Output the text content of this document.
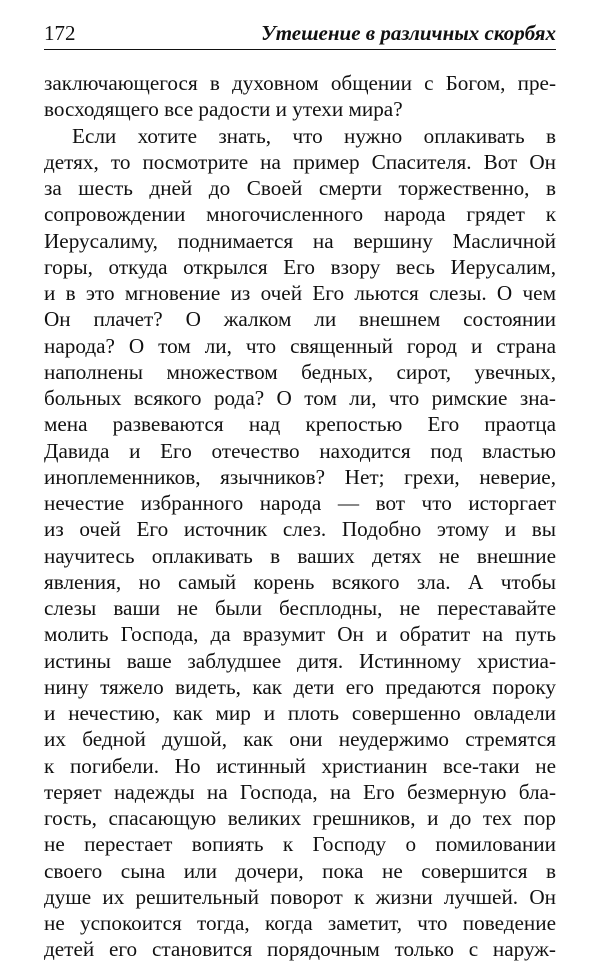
172	Утешение в различных скорбях
заключающегося в духовном общении с Богом, пре-
восходящего все радости и утехи мира?
Если хотите знать, что нужно оплакивать в
детях, то посмотрите на пример Спасителя. Вот Он
за шесть дней до Своей смерти торжественно, в
сопровождении многочисленного народа грядет к
Иерусалиму, поднимается на вершину Масличной
горы, откуда открылся Его взору весь Иерусалим,
и в это мгновение из очей Его льются слезы. О чем
Он плачет? О жалком ли внешнем состоянии
народа? О том ли, что священный город и страна
наполнены множеством бедных, сирот, увечных,
больных всякого рода? О том ли, что римские зна-
мена развеваются над крепостью Его праотца
Давида и Его отечество находится под властью
иноплеменников, язычников? Нет; грехи, неверие,
нечестие избранного народа — вот что исторгает
из очей Его источник слез. Подобно этому и вы
научитесь оплакивать в ваших детях не внешние
явления, но самый корень всякого зла. А чтобы
слезы ваши не были бесплодны, не переставайте
молить Господа, да вразумит Он и обратит на путь
истины ваше заблудшее дитя. Истинному христиа-
нину тяжело видеть, как дети его предаются пороку
и нечестию, как мир и плоть совершенно овладели
их бедной душой, как они неудержимо стремятся
к погибели. Но истинный христианин все-таки не
теряет надежды на Господа, на Его безмерную бла-
гость, спасающую великих грешников, и до тех пор
не перестает вопиять к Господу о помиловании
своего сына или дочери, пока не совершится в
душе их решительный поворот к жизни лучшей. Он
не успокоится тогда, когда заметит, что поведение
детей его становится порядочным только с наруж-
